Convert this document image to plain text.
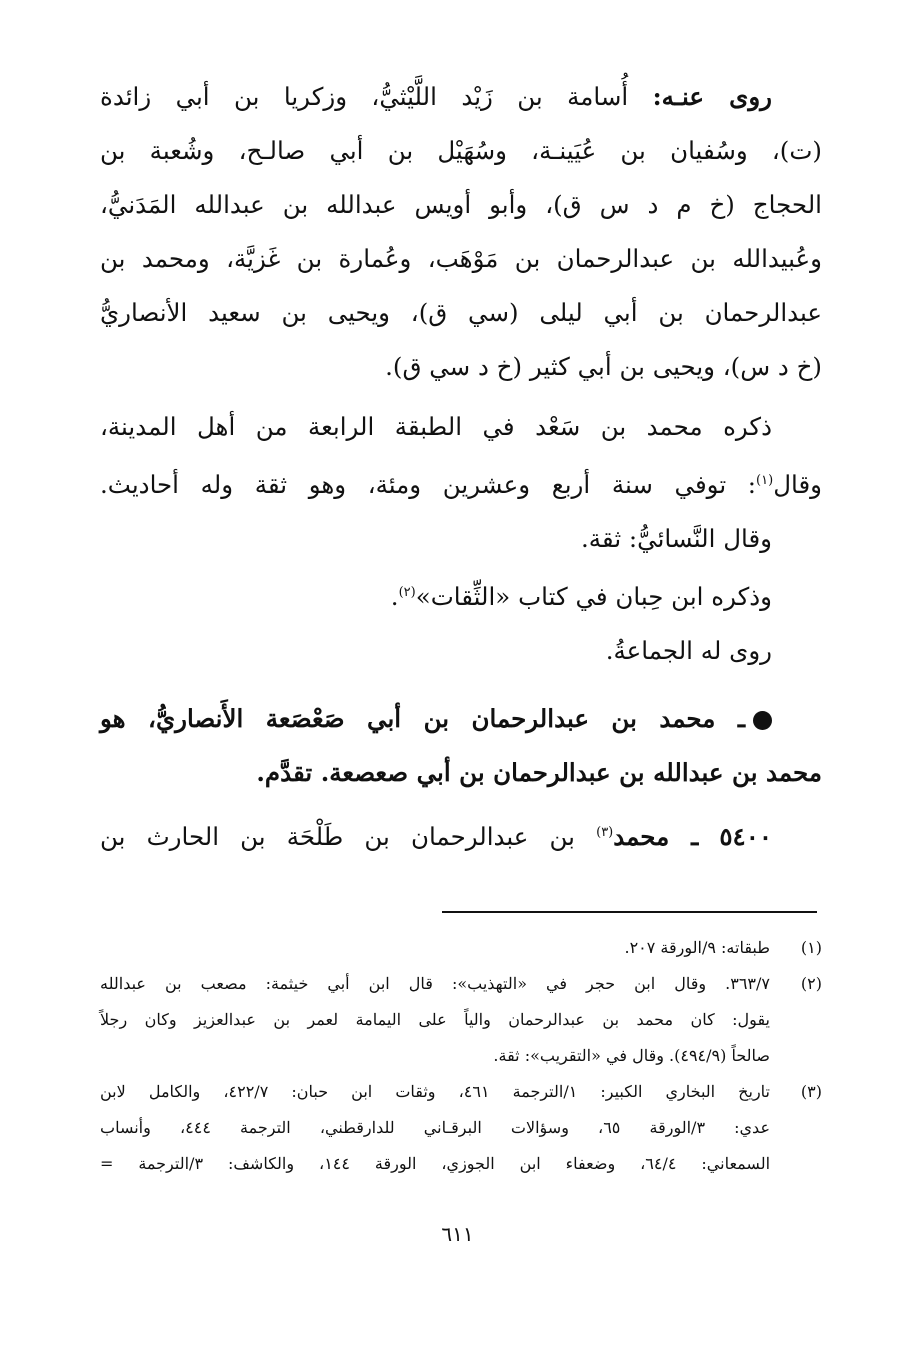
روى عنـه: أُسامة بن زَيْد اللَّيْثيُّ، وزكريا بن أبي زائدة
(ت)، وسُفيان بن عُيَينـة، وسُهَيْل بن أبي صالـح، وشُعبة بن
الحجاج (خ م د س ق)، وأبو أويس عبدالله بن عبدالله المَدَنيُّ،
وعُبيدالله بن عبدالرحمان بن مَوْهَب، وعُمارة بن غَزيَّة، ومحمد بن
عبدالرحمان بن أبي ليلى (سي ق)، ويحيى بن سعيد الأنصاريُّ
(خ د س)، ويحيى بن أبي كثير (خ د سي ق).
ذكره محمد بن سَعْد في الطبقة الرابعة من أهل المدينة،
وقال$^{(١)}$: توفي سنة أربع وعشرين ومئة، وهو ثقة وله أحاديث.
وقال النَّسائيُّ: ثقة.
وذكره ابن حِبان في كتاب «الثِّقات»$^{(٢)}$.
روى له الجماعةُ.
ـ محمد بن عبدالرحمان بن أبي صَعْصَعة الأَنصاريُّ، هو
محمد بن عبدالله بن عبدالرحمان بن أبي صعصعة. تقدَّم.
٥٤٠٠ ـ محمد$^{(٣)}$ بن عبدالرحمان بن طَلْحَة بن الحارث بن
(١)
طبقاته: ٩/الورقة ٢٠٧.
(٢)
٣٦٣/٧. وقال ابن حجر في «التهذيب»: قال ابن أبي خيثمة: مصعب بن عبدالله
يقول: كان محمد بن عبدالرحمان والياً على اليمامة لعمر بن عبدالعزيز وكان رجلاً
صالحاً (٤٩٤/٩). وقال في «التقريب»: ثقة.
(٣)
تاريخ البخاري الكبير: ١/الترجمة ٤٦١، وثقات ابن حبان: ٤٢٢/٧، والكامل لابن
عدي: ٣/الورقة ٦٥، وسؤالات البرقـاني للدارقطني، الترجمة ٤٤٤، وأنساب
السمعاني: ٦٤/٤، وضعفاء ابن الجوزي، الورقة ١٤٤، والكاشف: ٣/الترجمة =
٦١١
